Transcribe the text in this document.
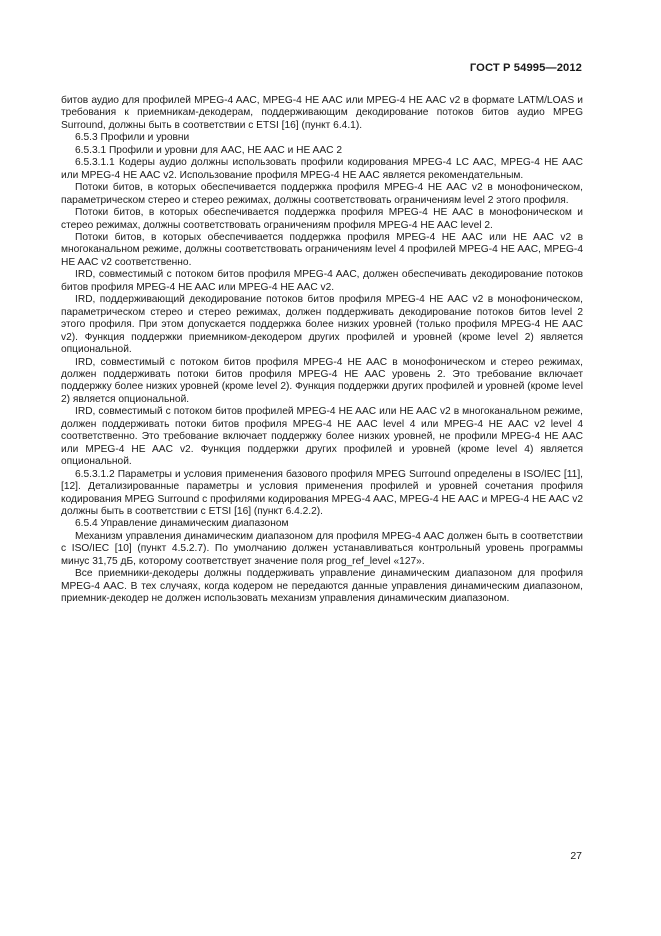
ГОСТ Р 54995—2012

битов аудио для профилей MPEG-4 AAC, MPEG-4 HE AAC или MPEG-4 HE AAC v2 в формате LATM/LOAS и требования к приемникам-декодерам, поддерживающим декодирование потоков битов аудио MPEG Surround, должны быть в соответствии с ETSI [16] (пункт 6.4.1).

6.5.3 Профили и уровни

6.5.3.1 Профили и уровни для AAC, HE AAC и HE AAC 2

6.5.3.1.1 Кодеры аудио должны использовать профили кодирования MPEG-4 LC AAC, MPEG-4 HE AAC или MPEG-4 HE AAC v2. Использование профиля MPEG-4 HE AAC является рекомендательным.

Потоки битов, в которых обеспечивается поддержка профиля MPEG-4 HE AAC v2 в монофоническом, параметрическом стерео и стерео режимах, должны соответствовать ограничениям level 2 этого профиля.

Потоки битов, в которых обеспечивается поддержка профиля MPEG-4 HE AAC в монофоническом и стерео режимах, должны соответствовать ограничениям профиля MPEG-4 HE AAC level 2.

Потоки битов, в которых обеспечивается поддержка профиля MPEG-4 HE AAC или HE AAC v2 в многоканальном режиме, должны соответствовать ограничениям level 4 профилей MPEG-4 HE AAC, MPEG-4 HE AAC v2 соответственно.

IRD, совместимый с потоком битов профиля MPEG-4 AAC, должен обеспечивать декодирование потоков битов профиля MPEG-4 HE AAC или MPEG-4 HE AAC v2.

IRD, поддерживающий декодирование потоков битов профиля MPEG-4 HE AAC v2 в монофоническом, параметрическом стерео и стерео режимах, должен поддерживать декодирование потоков битов level 2 этого профиля. При этом допускается поддержка более низких уровней (только профиля MPEG-4 HE AAC v2). Функция поддержки приемником-декодером других профилей и уровней (кроме level 2) является опциональной.

IRD, совместимый с потоком битов профиля MPEG-4 HE AAC в монофоническом и стерео режимах, должен поддерживать потоки битов профиля MPEG-4 HE AAC уровень 2. Это требование включает поддержку более низких уровней (кроме level 2). Функция поддержки других профилей и уровней (кроме level 2) является опциональной.

IRD, совместимый с потоком битов профилей MPEG-4 HE AAC или HE AAC v2 в многоканальном режиме, должен поддерживать потоки битов профиля MPEG-4 HE AAC level 4 или MPEG-4 HE AAC v2 level 4 соответственно. Это требование включает поддержку более низких уровней, не профили MPEG-4 HE AAC или MPEG-4 HE AAC v2. Функция поддержки других профилей и уровней (кроме level 4) является опциональной.

6.5.3.1.2 Параметры и условия применения базового профиля MPEG Surround определены в ISO/IEC [11], [12]. Детализированные параметры и условия применения профилей и уровней сочетания профиля кодирования MPEG Surround с профилями кодирования MPEG-4 AAC, MPEG-4 HE AAC и MPEG-4 HE AAC v2 должны быть в соответствии с ETSI [16] (пункт 6.4.2.2).

6.5.4 Управление динамическим диапазоном

Механизм управления динамическим диапазоном для профиля MPEG-4 AAC должен быть в соответствии с ISO/IEC [10] (пункт 4.5.2.7). По умолчанию должен устанавливаться контрольный уровень программы минус 31,75 дБ, которому соответствует значение поля prog_ref_level «127».

Все приемники-декодеры должны поддерживать управление динамическим диапазоном для профиля MPEG-4 AAC. В тех случаях, когда кодером не передаются данные управления динамическим диапазоном, приемник-декодер не должен использовать механизм управления динамическим диапазоном.

27
